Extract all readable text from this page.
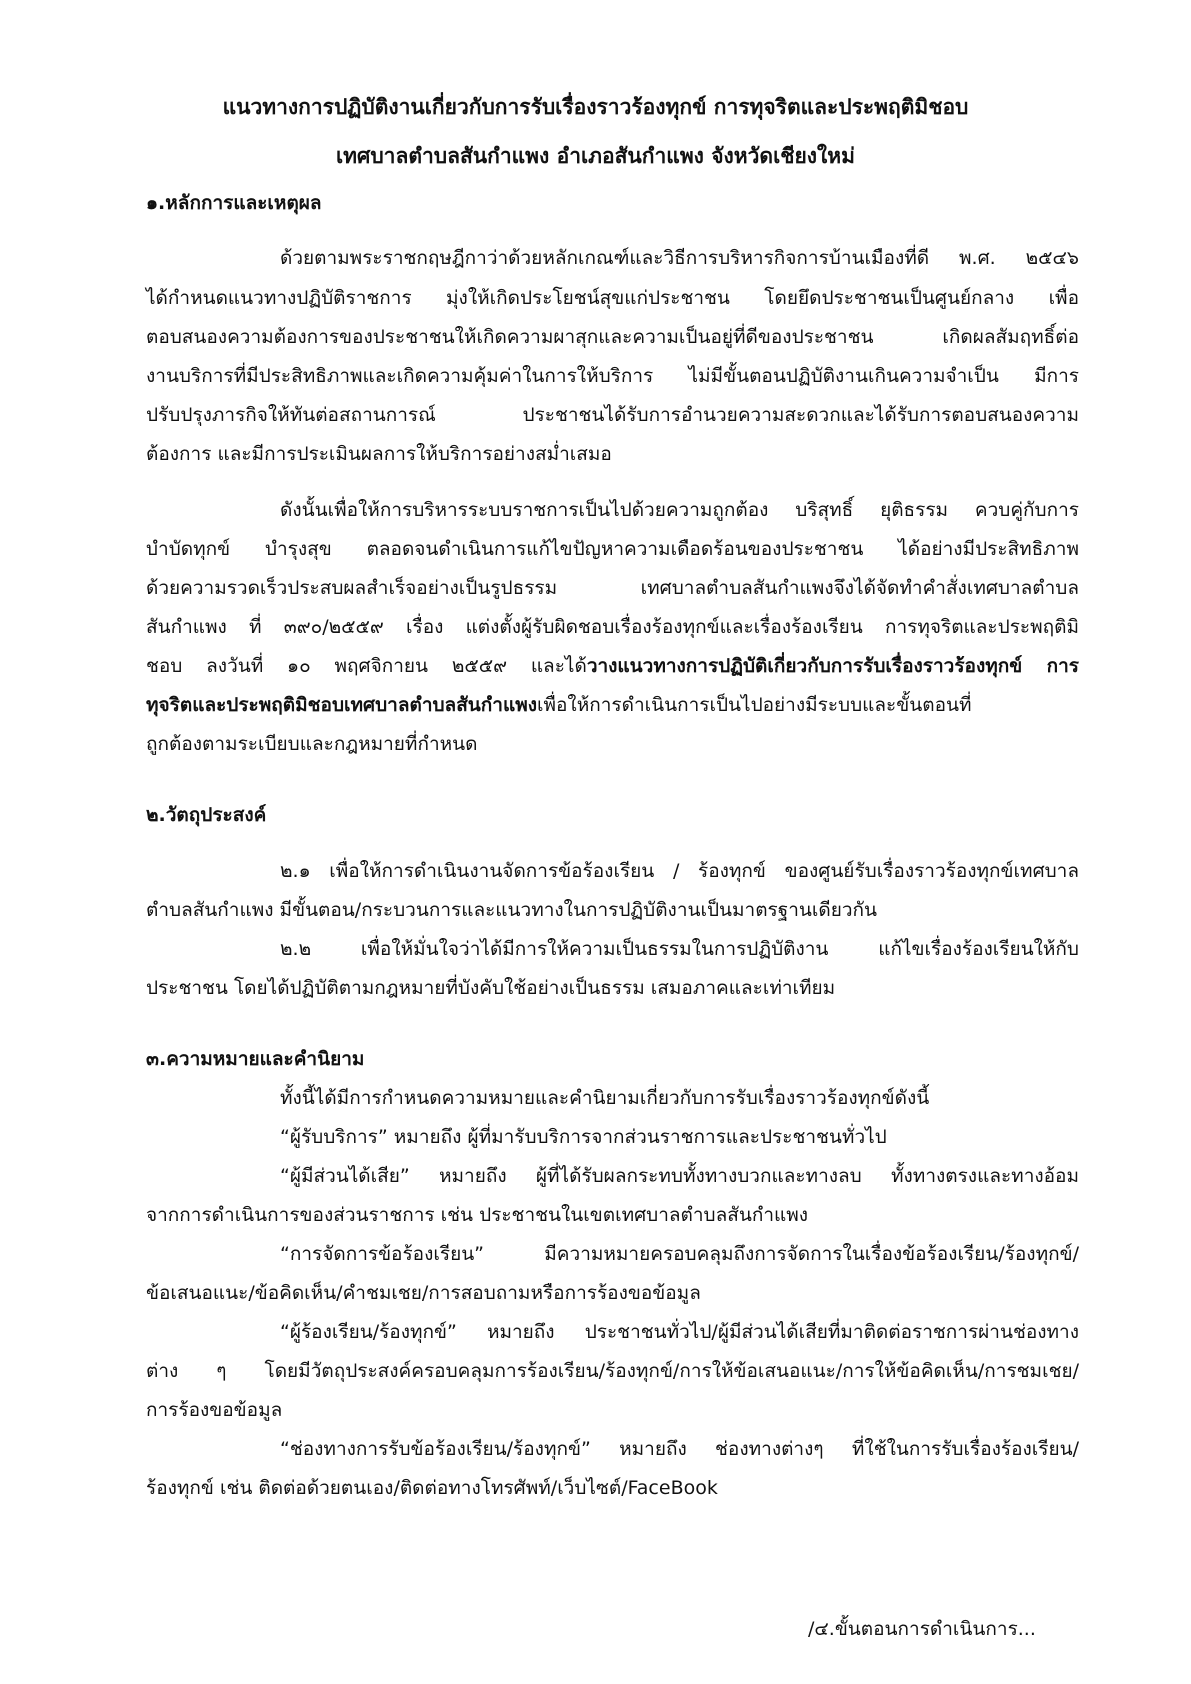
แนวทางการปฏิบัติงานเกี่ยวกับการรับเรื่องราวร้องทุกข์ การทุจริตและประพฤติมิชอบ
เทศบาลตำบลสันกำแพง อำเภอสันกำแพง จังหวัดเชียงใหม่
๑.หลักการและเหตุผล
ด้วยตามพระราชกฤษฎีกาว่าด้วยหลักเกณฑ์และวิธีการบริหารกิจการบ้านเมืองที่ดี พ.ศ. ๒๕๔๖
ได้กำหนดแนวทางปฏิบัติราชการ มุ่งให้เกิดประโยชน์สุขแก่ประชาชน โดยยึดประชาชนเป็นศูนย์กลาง เพื่อ
ตอบสนองความต้องการของประชาชนให้เกิดความผาสุกและความเป็นอยู่ที่ดีของประชาชน เกิดผลสัมฤทธิ์ต่อ
งานบริการที่มีประสิทธิภาพและเกิดความคุ้มค่าในการให้บริการ ไม่มีขั้นตอนปฏิบัติงานเกินความจำเป็น มีการ
ปรับปรุงภารกิจให้ทันต่อสถานการณ์ ประชาชนได้รับการอำนวยความสะดวกและได้รับการตอบสนองความ
ต้องการ และมีการประเมินผลการให้บริการอย่างสม่ำเสมอ
ดังนั้นเพื่อให้การบริหารระบบราชการเป็นไปด้วยความถูกต้อง บริสุทธิ์ ยุติธรรม ควบคู่กับการ
บำบัดทุกข์ บำรุงสุข ตลอดจนดำเนินการแก้ไขปัญหาความเดือดร้อนของประชาชน ได้อย่างมีประสิทธิภาพ
ด้วยความรวดเร็วประสบผลสำเร็จอย่างเป็นรูปธรรม เทศบาลตำบลสันกำแพงจึงได้จัดทำคำสั่งเทศบาลตำบล
สันกำแพง ที่ ๓๙๐/๒๕๕๙ เรื่อง แต่งตั้งผู้รับผิดชอบเรื่องร้องทุกข์และเรื่องร้องเรียน การทุจริตและประพฤติมิ
ชอบ ลงวันที่ ๑๐ พฤศจิกายน ๒๕๕๙ และได้วางแนวทางการปฏิบัติเกี่ยวกับการรับเรื่องราวร้องทุกข์ การ
ทุจริตและประพฤติมิชอบเทศบาลตำบลสันกำแพงเพื่อให้การดำเนินการเป็นไปอย่างมีระบบและขั้นตอนที่
ถูกต้องตามระเบียบและกฎหมายที่กำหนด
๒.วัตถุประสงค์
๒.๑ เพื่อให้การดำเนินงานจัดการข้อร้องเรียน / ร้องทุกข์ ของศูนย์รับเรื่องราวร้องทุกข์เทศบาล
ตำบลสันกำแพง มีขั้นตอน/กระบวนการและแนวทางในการปฏิบัติงานเป็นมาตรฐานเดียวกัน
๒.๒ เพื่อให้มั่นใจว่าได้มีการให้ความเป็นธรรมในการปฏิบัติงาน แก้ไขเรื่องร้องเรียนให้กับ
ประชาชน โดยได้ปฏิบัติตามกฎหมายที่บังคับใช้อย่างเป็นธรรม เสมอภาคและเท่าเทียม
๓.ความหมายและคำนิยาม
ทั้งนี้ได้มีการกำหนดความหมายและคำนิยามเกี่ยวกับการรับเรื่องราวร้องทุกข์ดังนี้
“ผู้รับบริการ” หมายถึง ผู้ที่มารับบริการจากส่วนราชการและประชาชนทั่วไป
“ผู้มีส่วนได้เสีย” หมายถึง ผู้ที่ได้รับผลกระทบทั้งทางบวกและทางลบ ทั้งทางตรงและทางอ้อม
จากการดำเนินการของส่วนราชการ เช่น ประชาชนในเขตเทศบาลตำบลสันกำแพง
“การจัดการข้อร้องเรียน” มีความหมายครอบคลุมถึงการจัดการในเรื่องข้อร้องเรียน/ร้องทุกข์/
ข้อเสนอแนะ/ข้อคิดเห็น/คำชมเชย/การสอบถามหรือการร้องขอข้อมูล
“ผู้ร้องเรียน/ร้องทุกข์” หมายถึง ประชาชนทั่วไป/ผู้มีส่วนได้เสียที่มาติดต่อราชการผ่านช่องทาง
ต่าง ๆ โดยมีวัตถุประสงค์ครอบคลุมการร้องเรียน/ร้องทุกข์/การให้ข้อเสนอแนะ/การให้ข้อคิดเห็น/การชมเชย/
การร้องขอข้อมูล
“ช่องทางการรับข้อร้องเรียน/ร้องทุกข์” หมายถึง ช่องทางต่างๆ ที่ใช้ในการรับเรื่องร้องเรียน/
ร้องทุกข์ เช่น ติดต่อด้วยตนเอง/ติดต่อทางโทรศัพท์/เว็บไซต์/FaceBook
/๔.ขั้นตอนการดำเนินการ...
